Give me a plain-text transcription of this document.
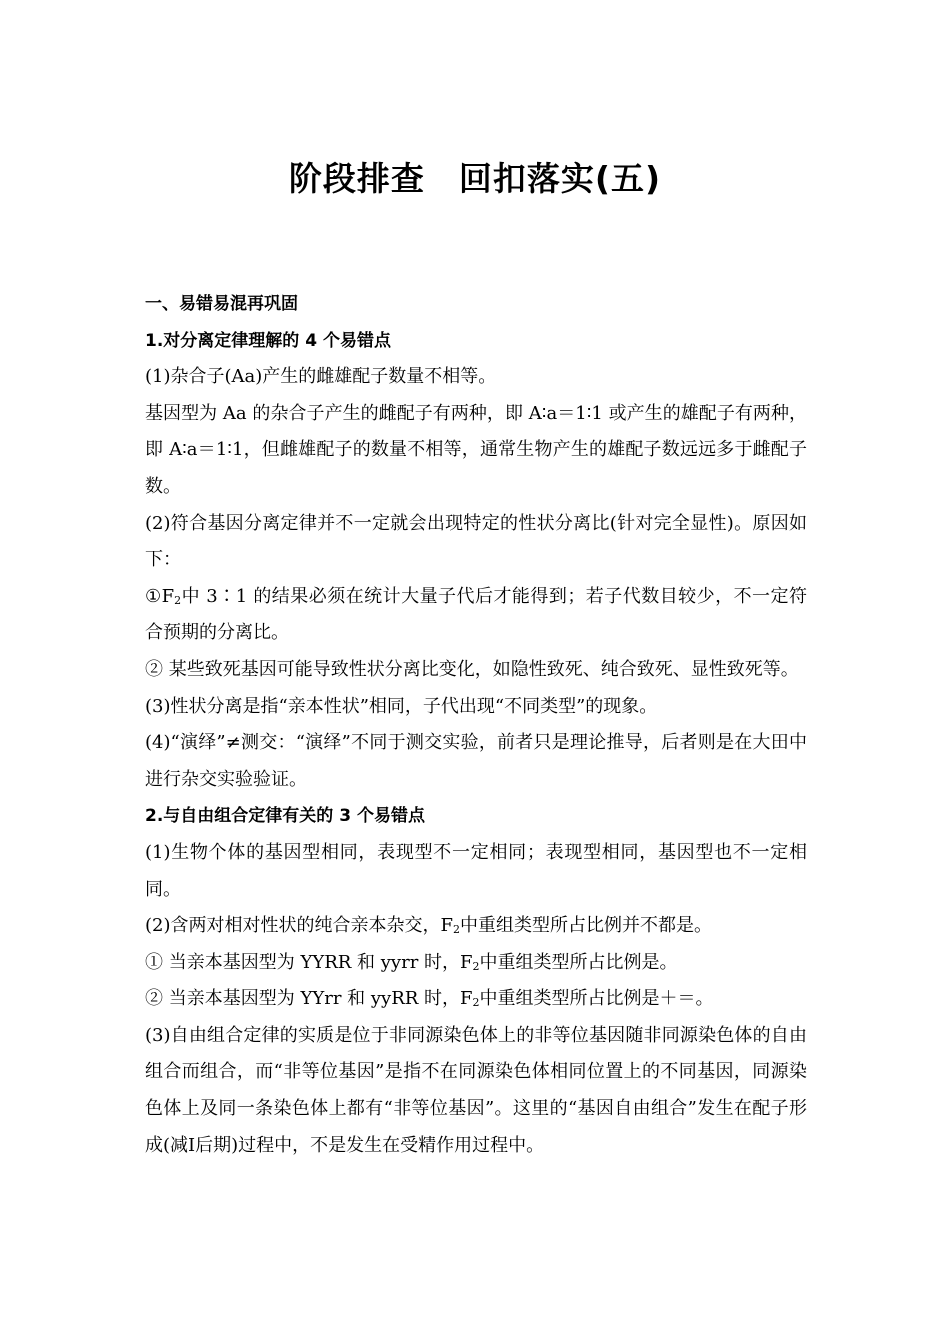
阶段排查　回扣落实(五)

一、易错易混再巩固

1.对分离定律理解的 4 个易错点

(1)杂合子(Aa)产生的雌雄配子数量不相等。

基因型为 Aa 的杂合子产生的雌配子有两种，即 A∶a＝1∶1 或产生的雄配子有两种，即 A∶a＝1∶1，但雌雄配子的数量不相等，通常生物产生的雄配子数远远多于雌配子数。

(2)符合基因分离定律并不一定就会出现特定的性状分离比(针对完全显性)。原因如下：

$①F_2$中 3∶1 的结果必须在统计大量子代后才能得到；若子代数目较少，不一定符合预期的分离比。

② 某些致死基因可能导致性状分离比变化，如隐性致死、纯合致死、显性致死等。

(3)性状分离是指“亲本性状”相同，子代出现“不同类型”的现象。

(4)“演绎”≠测交：“演绎”不同于测交实验，前者只是理论推导，后者则是在大田中进行杂交实验验证。

2.与自由组合定律有关的 3 个易错点

(1)生物个体的基因型相同，表现型不一定相同；表现型相同，基因型也不一定相同。

(2)含两对相对性状的纯合亲本杂交，$F_2$中重组类型所占比例并不都是。

① 当亲本基因型为 YYRR 和 yyrr 时，$F_2$中重组类型所占比例是。

② 当亲本基因型为 YYrr 和 yyRR 时，$F_2$中重组类型所占比例是＋＝。

(3)自由组合定律的实质是位于非同源染色体上的非等位基因随非同源染色体的自由组合而组合，而“非等位基因”是指不在同源染色体相同位置上的不同基因，同源染色体上及同一条染色体上都有“非等位基因”。这里的“基因自由组合”发生在配子形成(减Ⅰ后期)过程中，不是发生在受精作用过程中。
